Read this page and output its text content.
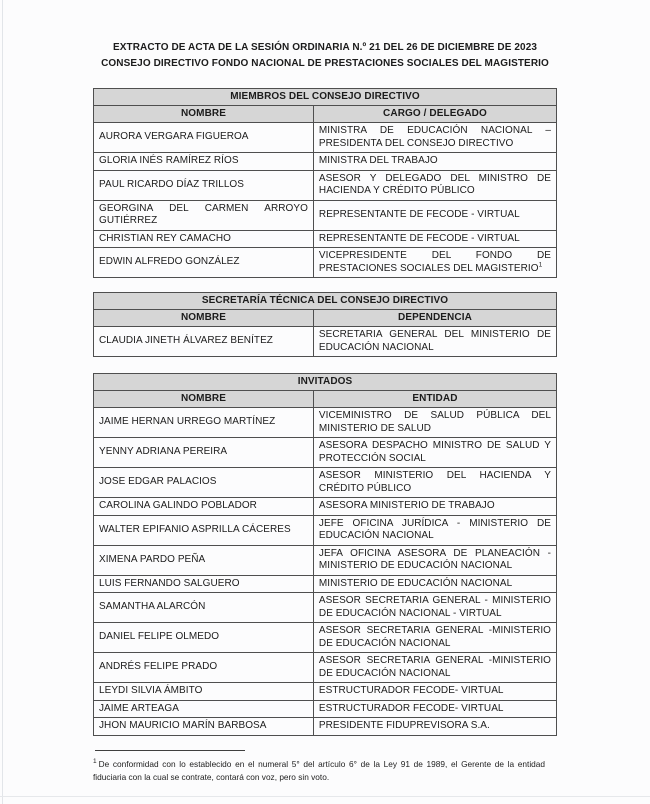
EXTRACTO DE ACTA DE LA SESIÓN ORDINARIA N.º 21 DEL 26 DE DICIEMBRE DE 2023
CONSEJO DIRECTIVO FONDO NACIONAL DE PRESTACIONES SOCIALES DEL MAGISTERIO
MIEMBROS DEL CONSEJO DIRECTIVO	
NOMBRE	CARGO / DELEGADO
AURORA VERGARA FIGUEROA	MINISTRA DE EDUCACIÓN NACIONAL – PRESIDENTA DEL CONSEJO DIRECTIVO
GLORIA INÉS RAMÍREZ RÍOS	MINISTRA DEL TRABAJO
PAUL RICARDO DÍAZ TRILLOS	ASESOR Y DELEGADO DEL MINISTRO DE HACIENDA Y CRÉDITO PÚBLICO
GEORGINA DEL CARMEN ARROYO GUTIÉRREZ	REPRESENTANTE DE FECODE - VIRTUAL
CHRISTIAN REY CAMACHO	REPRESENTANTE DE FECODE - VIRTUAL
EDWIN ALFREDO GONZÁLEZ	VICEPRESIDENTE DEL FONDO DE PRESTACIONES SOCIALES DEL MAGISTERIO$^1$
SECRETARÍA TÉCNICA DEL CONSEJO DIRECTIVO	
NOMBRE	DEPENDENCIA
CLAUDIA JINETH ÁLVAREZ BENÍTEZ	SECRETARIA GENERAL DEL MINISTERIO DE EDUCACIÓN NACIONAL
INVITADOS	
NOMBRE	ENTIDAD
JAIME HERNAN URREGO MARTÍNEZ	VICEMINISTRO DE SALUD PÚBLICA DEL MINISTERIO DE SALUD
YENNY ADRIANA PEREIRA	ASESORA DESPACHO MINISTRO DE SALUD Y PROTECCIÓN SOCIAL
JOSE EDGAR PALACIOS	ASESOR MINISTERIO DEL HACIENDA Y CRÉDITO PÚBLICO
CAROLINA GALINDO POBLADOR	ASESORA MINISTERIO DE TRABAJO
WALTER EPIFANIO ASPRILLA CÁCERES	JEFE OFICINA JURÍDICA - MINISTERIO DE EDUCACIÓN NACIONAL
XIMENA PARDO PEÑA	JEFA OFICINA ASESORA DE PLANEACIÓN - MINISTERIO DE EDUCACIÓN NACIONAL
LUIS FERNANDO SALGUERO	MINISTERIO DE EDUCACIÓN NACIONAL
SAMANTHA ALARCÓN	ASESOR SECRETARIA GENERAL - MINISTERIO DE EDUCACIÓN NACIONAL - VIRTUAL
DANIEL FELIPE OLMEDO	ASESOR SECRETARIA GENERAL -MINISTERIO DE EDUCACIÓN NACIONAL
ANDRÉS FELIPE PRADO	ASESOR SECRETARIA GENERAL -MINISTERIO DE EDUCACIÓN NACIONAL
LEYDI SILVIA ÁMBITO	ESTRUCTURADOR FECODE- VIRTUAL
JAIME ARTEAGA	ESTRUCTURADOR FECODE- VIRTUAL
JHON MAURICIO MARÍN BARBOSA	PRESIDENTE FIDUPREVISORA S.A.
$^1$ De conformidad con lo establecido en el numeral 5° del artículo 6° de la Ley 91 de 1989, el Gerente de la entidad fiduciaria con la cual se contrate, contará con voz, pero sin voto.
